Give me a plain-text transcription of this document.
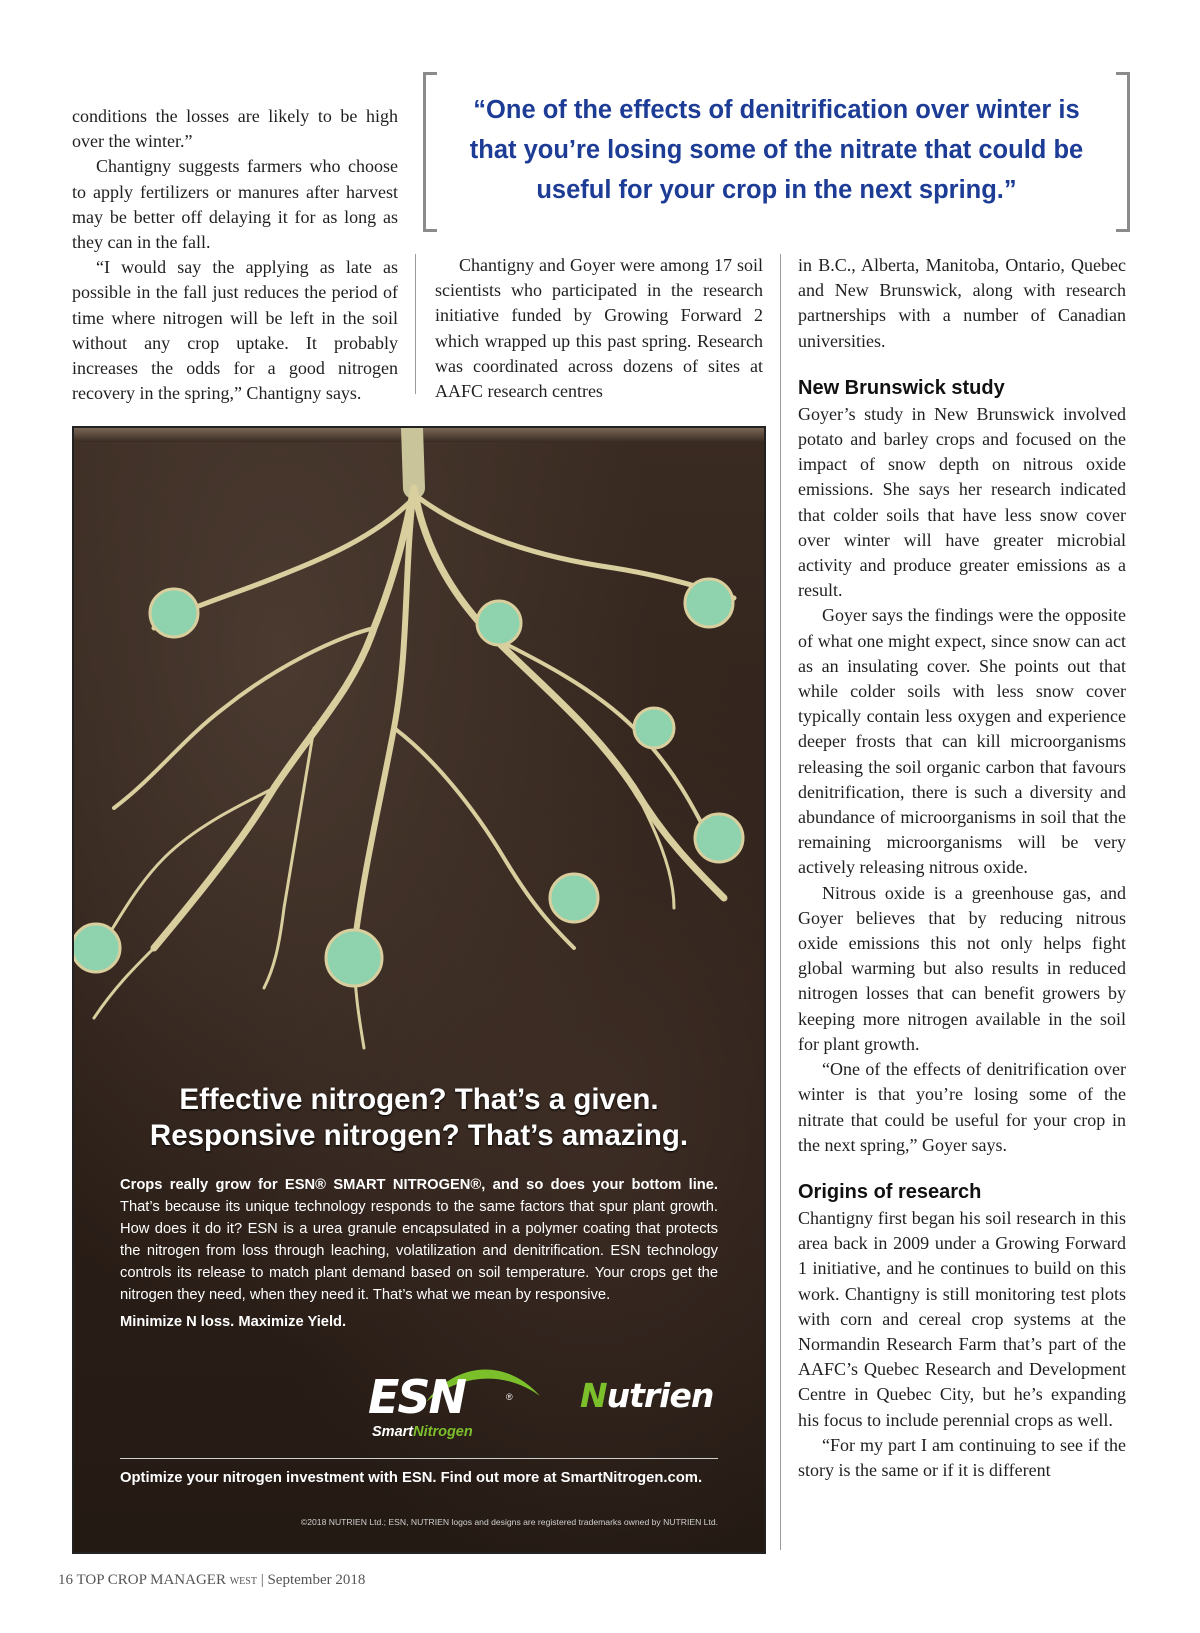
“One of the effects of denitrification over winter is that you’re losing some of the nitrate that could be useful for your crop in the next spring.”

conditions the losses are likely to be high over the winter.”

Chantigny suggests farmers who choose to apply fertilizers or manures after harvest may be better off delaying it for as long as they can in the fall.

“I would say the applying as late as possible in the fall just reduces the period of time where nitrogen will be left in the soil without any crop uptake. It probably increases the odds for a good nitrogen recovery in the spring,” Chantigny says.

Chantigny and Goyer were among 17 soil scientists who participated in the research initiative funded by Growing Forward 2 which wrapped up this past spring. Research was coordinated across dozens of sites at AAFC research centres

in B.C., Alberta, Manitoba, Ontario, Quebec and New Brunswick, along with research partnerships with a number of Canadian universities.

New Brunswick study

Goyer’s study in New Brunswick involved potato and barley crops and focused on the impact of snow depth on nitrous oxide emissions. She says her research indicated that colder soils that have less snow cover over winter will have greater microbial activity and produce greater emissions as a result.

Goyer says the findings were the opposite of what one might expect, since snow can act as an insulating cover. She points out that while colder soils with less snow cover typically contain less oxygen and experience deeper frosts that can kill microorganisms releasing the soil organic carbon that favours denitrification, there is such a diversity and abundance of microorganisms in soil that the remaining microorganisms will be very actively releasing nitrous oxide.

Nitrous oxide is a greenhouse gas, and Goyer believes that by reducing nitrous oxide emissions this not only helps fight global warming but also results in reduced nitrogen losses that can benefit growers by keeping more nitrogen available in the soil for plant growth.

“One of the effects of denitrification over winter is that you’re losing some of the nitrate that could be useful for your crop in the next spring,” Goyer says.

Origins of research

Chantigny first began his soil research in this area back in 2009 under a Growing Forward 1 initiative, and he continues to build on this work. Chantigny is still monitoring test plots with corn and cereal crop systems at the Normandin Research Farm that’s part of the AAFC’s Quebec Research and Development Centre in Quebec City, but he’s expanding his focus to include perennial crops as well.

“For my part I am continuing to see if the story is the same or if it is different

Effective nitrogen? That’s a given.
Responsive nitrogen? That’s amazing.
Crops really grow for ESN® SMART NITROGEN®, and so does your bottom line. That’s because its unique technology responds to the same factors that spur plant growth. How does it do it? ESN is a urea granule encapsulated in a polymer coating that protects the nitrogen from loss through leaching, volatilization and denitrification. ESN technology controls its release to match plant demand based on soil temperature. Your crops get the nitrogen they need, when they need it. That’s what we mean by responsive.
Minimize N loss. Maximize Yield.
ESN	®
SmartNitrogen
Nutrien
Optimize your nitrogen investment with ESN. Find out more at SmartNitrogen.com.
©2018 NUTRIEN Ltd.; ESN, NUTRIEN logos and designs are registered trademarks owned by NUTRIEN Ltd.
16 TOP CROP MANAGER WEST | September 2018
